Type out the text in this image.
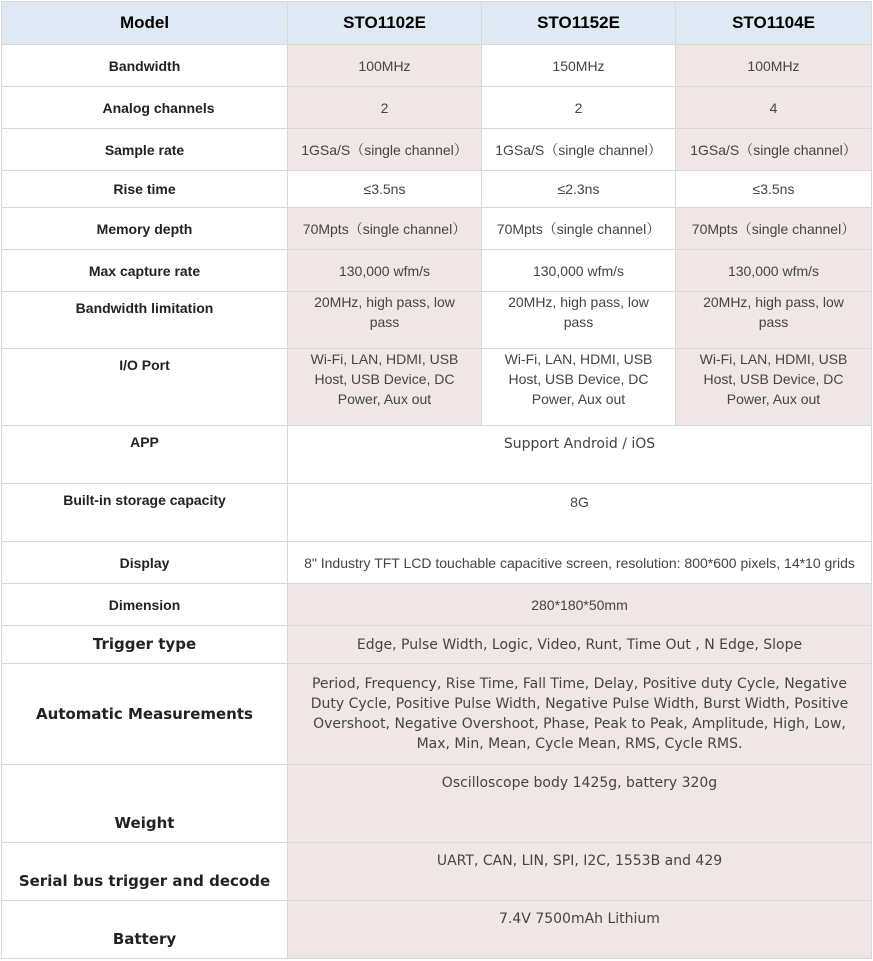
Model	STO1102E	STO1152E	STO1104E
Bandwidth	100MHz	150MHz	100MHz
Analog channels	2	2	4
Sample rate	1GSa/S（single channel）	1GSa/S（single channel）	1GSa/S（single channel）
Rise time	≤3.5ns	≤2.3ns	≤3.5ns
Memory depth	70Mpts（single channel）	70Mpts（single channel）	70Mpts（single channel）
Max capture rate	130,000 wfm/s	130,000 wfm/s	130,000 wfm/s
Bandwidth limitation	20MHz, high pass, low pass	20MHz, high pass, low pass	20MHz, high pass, low pass
I/O Port	Wi-Fi, LAN, HDMI, USB Host, USB Device, DC Power, Aux out	Wi-Fi, LAN, HDMI, USB Host, USB Device, DC Power, Aux out	Wi-Fi, LAN, HDMI, USB Host, USB Device, DC Power, Aux out
APP	Support Android / iOS		
Built-in storage capacity	8G		
Display	8" Industry TFT LCD touchable capacitive screen, resolution: 800*600 pixels, 14*10 grids		
Dimension	280*180*50mm		
Trigger type	Edge, Pulse Width, Logic, Video, Runt, Time Out , N Edge, Slope		
Automatic Measurements	Period, Frequency, Rise Time, Fall Time, Delay, Positive duty Cycle, Negative Duty Cycle, Positive Pulse Width, Negative Pulse Width, Burst Width, Positive Overshoot, Negative Overshoot, Phase, Peak to Peak, Amplitude, High, Low, Max, Min, Mean, Cycle Mean, RMS, Cycle RMS.		
Weight	Oscilloscope body 1425g, battery 320g		
Serial bus trigger and decode	UART, CAN, LIN, SPI, I2C, 1553B and 429		
Battery	7.4V 7500mAh Lithium		
